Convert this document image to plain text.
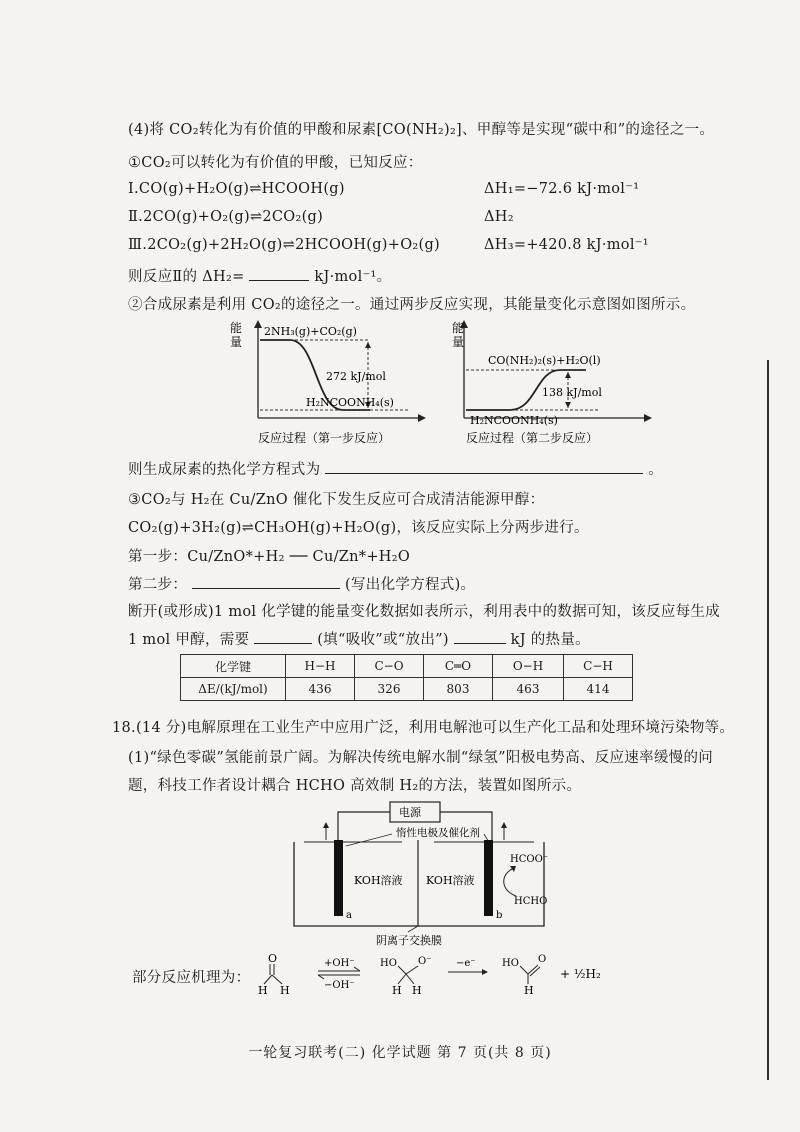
(4)将 CO₂转化为有价值的甲酸和尿素[CO(NH₂)₂]、甲醇等是实现“碳中和”的途径之一。
①CO₂可以转化为有价值的甲酸，已知反应：
Ⅰ.CO(g)+H₂O(g)⇌HCOOH(g)	ΔH₁=−72.6 kJ·mol⁻¹
Ⅱ.2CO(g)+O₂(g)⇌2CO₂(g)	ΔH₂
Ⅲ.2CO₂(g)+2H₂O(g)⇌2HCOOH(g)+O₂(g)	ΔH₃=+420.8 kJ·mol⁻¹
则反应Ⅱ的 ΔH₂=	kJ·mol⁻¹。
②合成尿素是利用 CO₂的途径之一。通过两步反应实现，其能量变化示意图如图所示。
能
量
2NH₃(g)+CO₂(g)
272 kJ/mol
H₂NCOONH₄(s)
反应过程（第一步反应）
能
量
CO(NH₂)₂(s)+H₂O(l)
138 kJ/mol
H₂NCOONH₄(s)
反应过程（第二步反应）
则生成尿素的热化学方程式为	。
③CO₂与 H₂在 Cu/ZnO 催化下发生反应可合成清洁能源甲醇：
CO₂(g)+3H₂(g)⇌CH₃OH(g)+H₂O(g)，该反应实际上分两步进行。
第一步：Cu/ZnO*+H₂ ── Cu/Zn*+H₂O
第二步：	(写出化学方程式)。
断开(或形成)1 mol 化学键的能量变化数据如表所示，利用表中的数据可知，该反应每生成
1 mol 甲醇，需要	(填“吸收”或“放出”)	kJ 的热量。
化学键	H−H	C−O	C═O	O−H	C−H
ΔE/(kJ/mol)	436	326	803	463	414
18.(14 分)电解原理在工业生产中应用广泛，利用电解池可以生产化工品和处理环境污染物等。
(1)“绿色零碳”氢能前景广阔。为解决传统电解水制“绿氢”阳极电势高、反应速率缓慢的问
题，科技工作者设计耦合 HCHO 高效制 H₂的方法，装置如图所示。
电源
惰性电极及催化剂
KOH溶液 KOH溶液
a	b
HCOO⁻
HCHO
阴离子交换膜
部分反应机理为：
O
H H
+OH⁻
−OH⁻
HO O⁻
H H
−e⁻	HO O
H
+ ½H₂
一轮复习联考(二) 化学试题 第 7 页(共 8 页)
